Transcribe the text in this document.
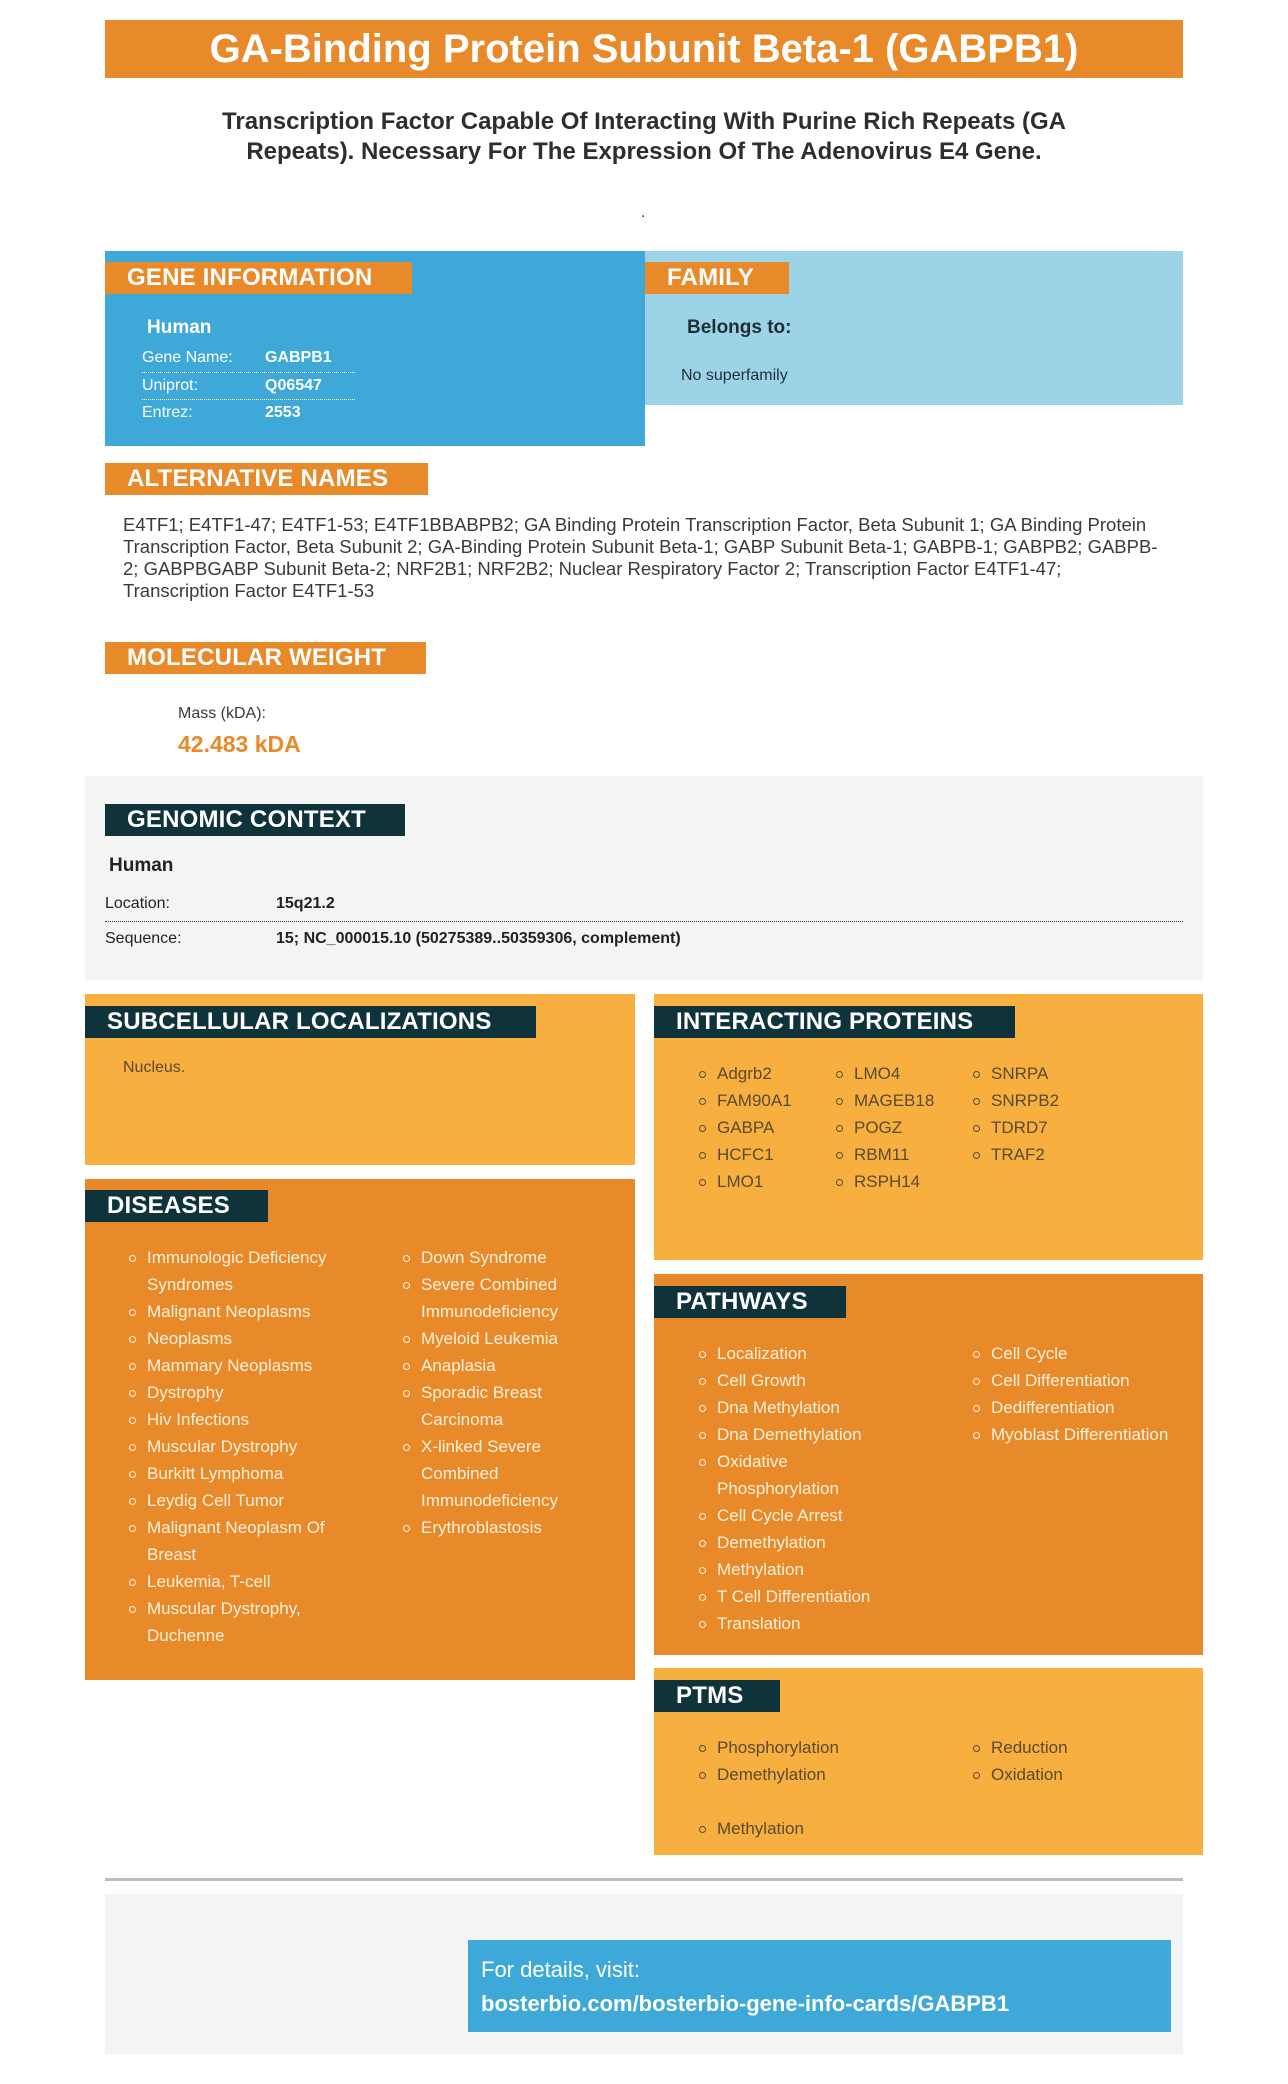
GA-Binding Protein Subunit Beta-1 (GABPB1)
Transcription Factor Capable Of Interacting With Purine Rich Repeats (GA Repeats). Necessary For The Expression Of The Adenovirus E4 Gene.
.
GENE INFORMATION
Human
Gene Name: GABPB1
Uniprot:	Q06547
Entrez:	2553
FAMILY
Belongs to:
No superfamily
ALTERNATIVE NAMES
E4TF1; E4TF1-47; E4TF1-53; E4TF1BBABPB2; GA Binding Protein Transcription Factor, Beta Subunit 1; GA Binding Protein Transcription Factor, Beta Subunit 2; GA-Binding Protein Subunit Beta-1; GABP Subunit Beta-1; GABPB-1; GABPB2; GABPB-2; GABPBGABP Subunit Beta-2; NRF2B1; NRF2B2; Nuclear Respiratory Factor 2; Transcription Factor E4TF1-47; Transcription Factor E4TF1-53
MOLECULAR WEIGHT
Mass (kDA):
42.483 kDA
GENOMIC CONTEXT
Human
Location:	15q21.2
Sequence:	15; NC_000015.10 (50275389..50359306, complement)
SUBCELLULAR LOCALIZATIONS
Nucleus.
INTERACTING PROTEINS
Adgrb2
FAM90A1
GABPA
HCFC1
LMO1
LMO4
MAGEB18
POGZ
RBM11
RSPH14
SNRPA
SNRPB2
TDRD7
TRAF2
DISEASES
Immunologic Deficiency Syndromes
Malignant Neoplasms
Neoplasms
Mammary Neoplasms
Dystrophy
Hiv Infections
Muscular Dystrophy
Burkitt Lymphoma
Leydig Cell Tumor
Malignant Neoplasm Of Breast
Leukemia, T-cell
Muscular Dystrophy, Duchenne
Down Syndrome
Severe Combined Immunodeficiency
Myeloid Leukemia
Anaplasia
Sporadic Breast Carcinoma
X-linked Severe Combined Immunodeficiency
Erythroblastosis
PATHWAYS
Localization
Cell Growth
Dna Methylation
Dna Demethylation
Oxidative Phosphorylation
Cell Cycle Arrest
Demethylation
Methylation
T Cell Differentiation
Translation
Cell Cycle
Cell Differentiation
Dedifferentiation
Myoblast Differentiation
PTMS
Phosphorylation
Demethylation
Reduction
Oxidation
Methylation
For details, visit:
bosterbio.com/bosterbio-gene-info-cards/GABPB1
